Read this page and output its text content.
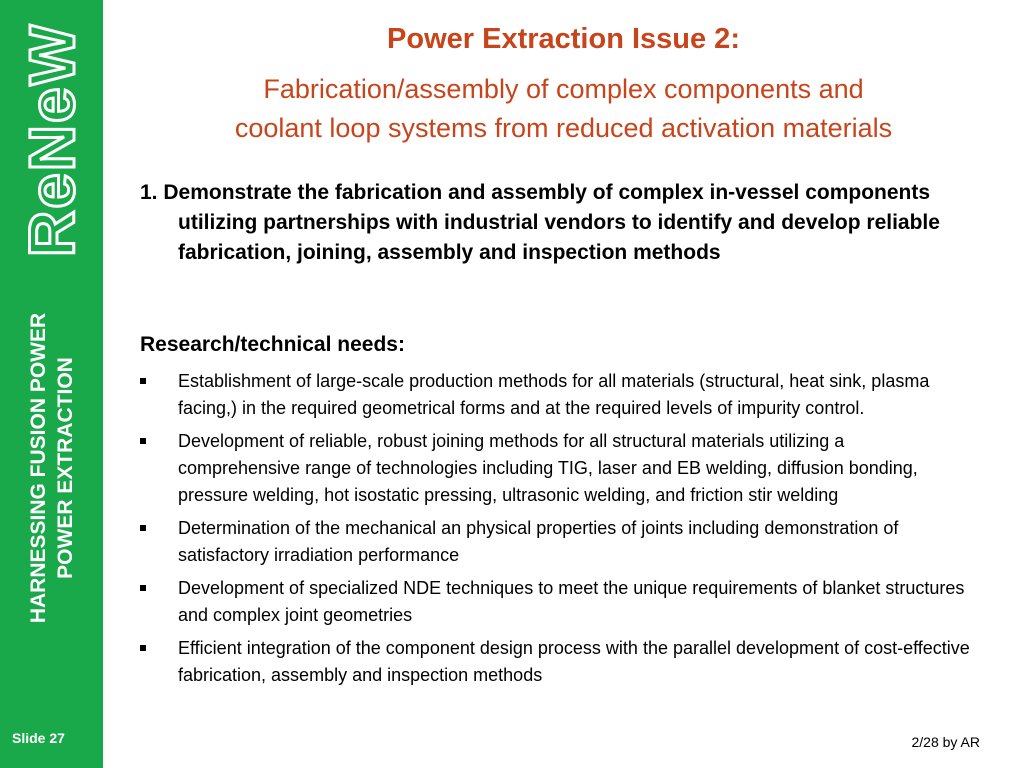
ReNeW
HARNESSING FUSION POWER POWER EXTRACTION
Slide 27
Power Extraction Issue 2:
Fabrication/assembly of complex components and
coolant loop systems from reduced activation materials
1. Demonstrate the fabrication and assembly of complex in-vessel components utilizing partnerships with industrial vendors to identify and develop reliable fabrication, joining, assembly and inspection methods
Research/technical needs:
Establishment of large-scale production methods for all materials (structural, heat sink, plasma facing,) in the required geometrical forms and at the required levels of impurity control.
Development of reliable, robust joining methods for all structural materials utilizing a comprehensive range of technologies including TIG, laser and EB welding, diffusion bonding, pressure welding, hot isostatic pressing, ultrasonic welding, and friction stir welding
Determination of the mechanical an physical properties of joints including demonstration of satisfactory irradiation performance
Development of specialized NDE techniques to meet the unique requirements of blanket structures and complex joint geometries
Efficient integration of the component design process with the parallel development of cost-effective fabrication, assembly and inspection methods
2/28 by AR
